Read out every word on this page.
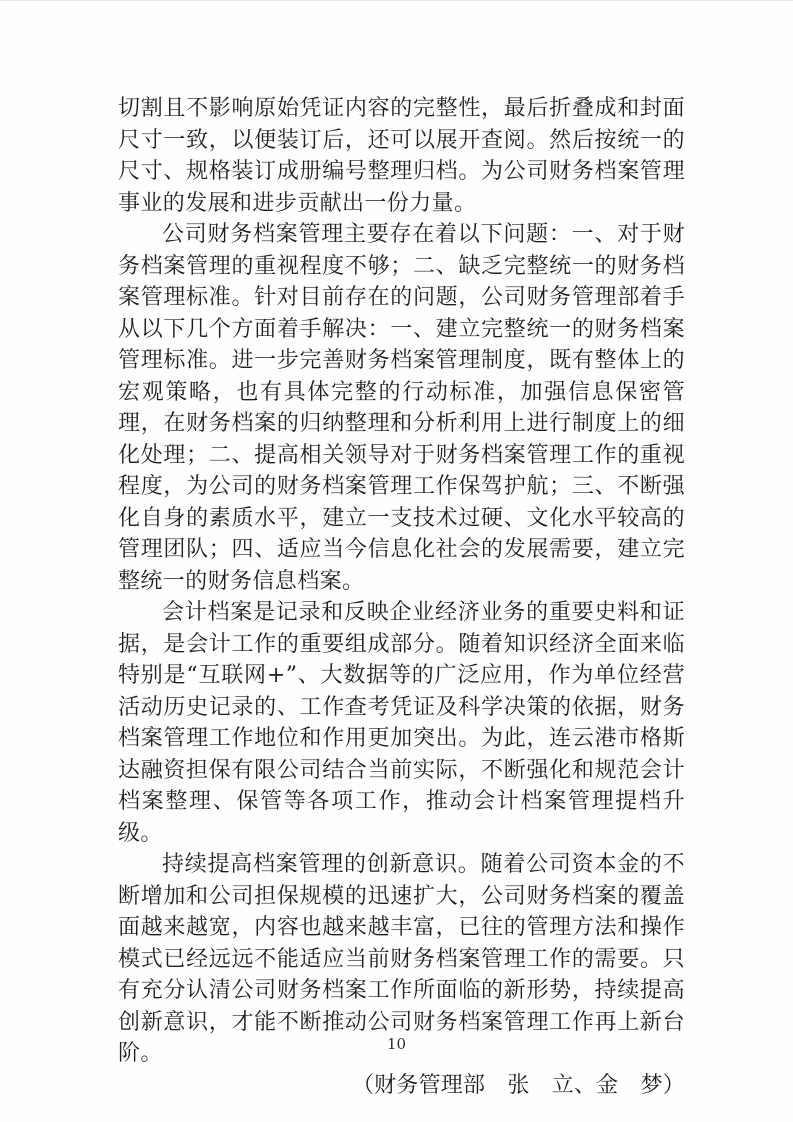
切割且不影响原始凭证内容的完整性，最后折叠成和封面尺寸一致，以便装订后，还可以展开查阅。然后按统一的尺寸、规格装订成册编号整理归档。为公司财务档案管理事业的发展和进步贡献出一份力量。

公司财务档案管理主要存在着以下问题：一、对于财务档案管理的重视程度不够；二、缺乏完整统一的财务档案管理标准。针对目前存在的问题，公司财务管理部着手从以下几个方面着手解决：一、建立完整统一的财务档案管理标准。进一步完善财务档案管理制度，既有整体上的宏观策略，也有具体完整的行动标准，加强信息保密管理，在财务档案的归纳整理和分析利用上进行制度上的细化处理；二、提高相关领导对于财务档案管理工作的重视程度，为公司的财务档案管理工作保驾护航；三、不断强化自身的素质水平，建立一支技术过硬、文化水平较高的管理团队；四、适应当今信息化社会的发展需要，建立完整统一的财务信息档案。

会计档案是记录和反映企业经济业务的重要史料和证据，是会计工作的重要组成部分。随着知识经济全面来临特别是“互联网+”、大数据等的广泛应用，作为单位经营活动历史记录的、工作查考凭证及科学决策的依据，财务档案管理工作地位和作用更加突出。为此，连云港市格斯达融资担保有限公司结合当前实际，不断强化和规范会计档案整理、保管等各项工作，推动会计档案管理提档升级。

持续提高档案管理的创新意识。随着公司资本金的不断增加和公司担保规模的迅速扩大，公司财务档案的覆盖面越来越宽，内容也越来越丰富，已往的管理方法和操作模式已经远远不能适应当前财务档案管理工作的需要。只有充分认清公司财务档案工作所面临的新形势，持续提高创新意识，才能不断推动公司财务档案管理工作再上新台阶。

（财务管理部　张　立、金　梦）

10
